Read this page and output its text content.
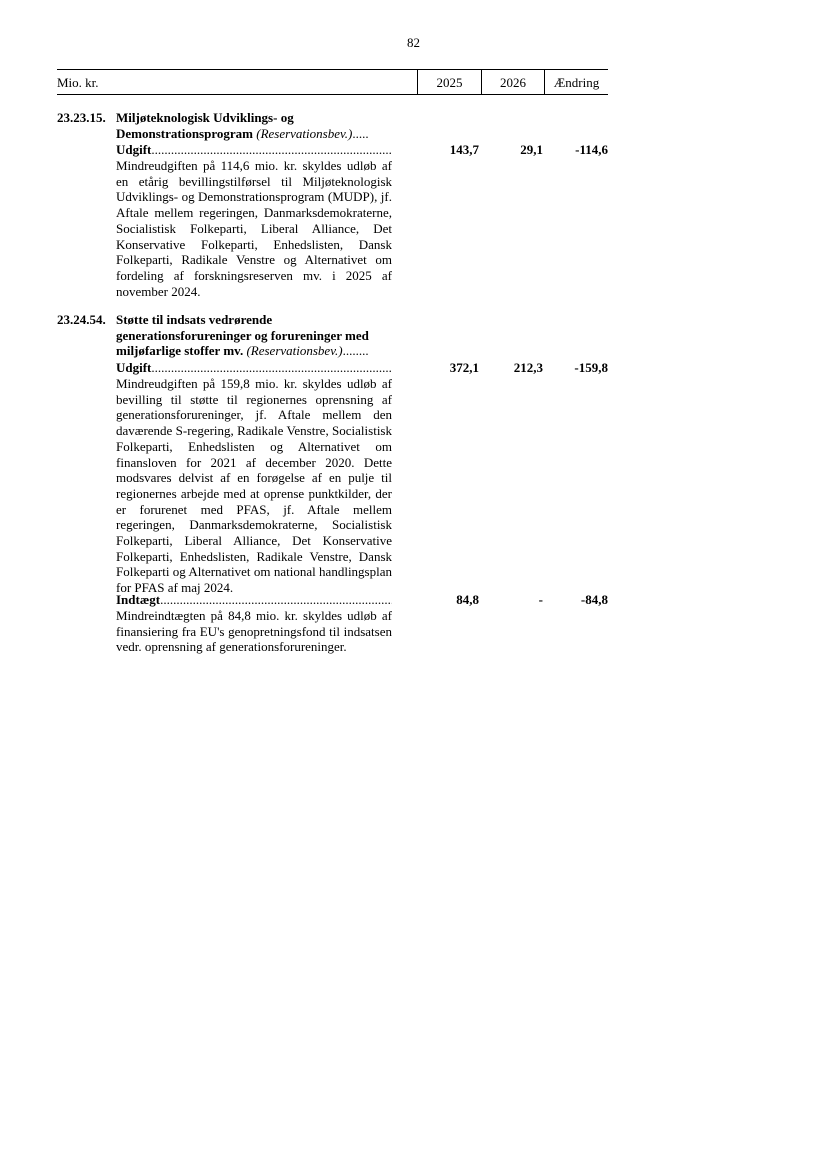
82
Mio. kr.	2025	2026	Ændring
23.23.15. Miljøteknologisk Udviklings- og
Demonstrationsprogram (Reservationsbev.).....
Udgift .....	143,7	29,1	-114,6
Mindreudgiften på 114,6 mio. kr. skyldes udløb af en etårig bevillingstilførsel til Miljøteknologisk Udviklings- og Demonstrationsprogram (MUDP), jf. Aftale mellem regeringen, Danmarksdemokraterne, Socialistisk Folkeparti, Liberal Alliance, Det Konservative Folkeparti, Enhedslisten, Dansk Folkeparti, Radikale Venstre og Alternativet om fordeling af forskningsreserven mv. i 2025 af november 2024.
23.24.54. Støtte til indsats vedrørende
generationsforureninger og forureninger med
miljøfarlige stoffer mv. (Reservationsbev.)........
Udgift .....	372,1	212,3	-159,8
Mindreudgiften på 159,8 mio. kr. skyldes udløb af bevilling til støtte til regionernes oprensning af generationsforureninger, jf. Aftale mellem den daværende S-regering, Radikale Venstre, Socialistisk Folkeparti, Enhedslisten og Alternativet om finansloven for 2021 af december 2020. Dette modsvares delvist af en forøgelse af en pulje til regionernes arbejde med at oprense punktkilder, der er forurenet med PFAS, jf. Aftale mellem regeringen, Danmarksdemokraterne, Socialistisk Folkeparti, Liberal Alliance, Det Konservative Folkeparti, Enhedslisten, Radikale Venstre, Dansk Folkeparti og Alternativet om national handlingsplan for PFAS af maj 2024.
Indtægt .....	84,8	-	-84,8
Mindreindtægten på 84,8 mio. kr. skyldes udløb af finansiering fra EU's genopretningsfond til indsatsen vedr. oprensning af generationsforureninger.
